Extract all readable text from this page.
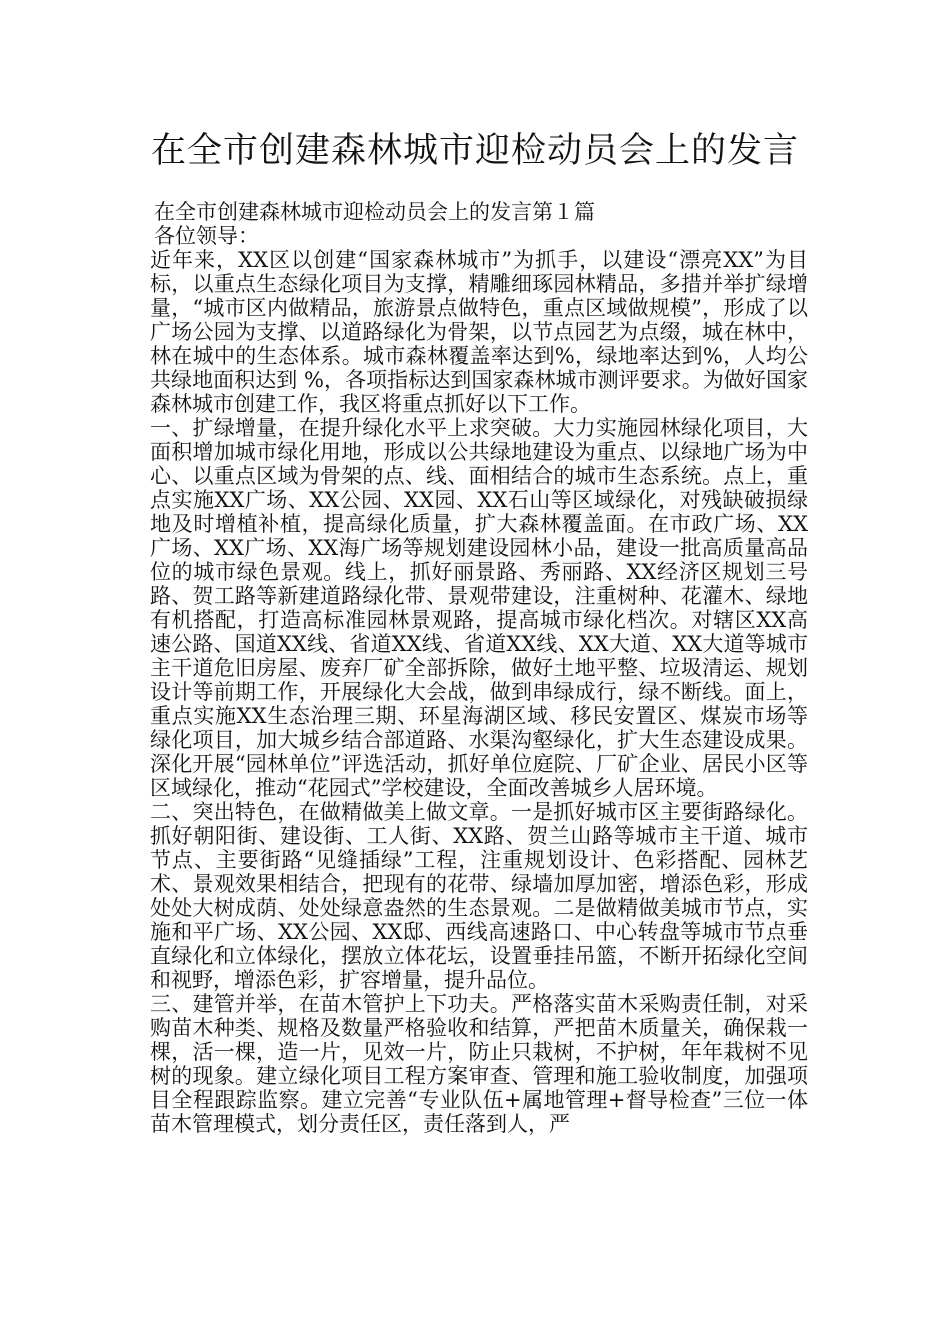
在全市创建森林城市迎检动员会上的发言

在全市创建森林城市迎检动员会上的发言第１篇

各位领导：

近年来，XX区以创建“国家森林城市”为抓手，以建设“漂亮XX”为目标，以重点生态绿化项目为支撑，精雕细琢园林精品，多措并举扩绿增量，“城市区内做精品，旅游景点做特色，重点区域做规模”，形成了以广场公园为支撑、以道路绿化为骨架，以节点园艺为点缀，城在林中，林在城中的生态体系。城市森林覆盖率达到%，绿地率达到%，人均公共绿地面积达到 %，各项指标达到国家森林城市测评要求。为做好国家森林城市创建工作，我区将重点抓好以下工作。

一、扩绿增量，在提升绿化水平上求突破。大力实施园林绿化项目，大面积增加城市绿化用地，形成以公共绿地建设为重点、以绿地广场为中心、以重点区域为骨架的点、线、面相结合的城市生态系统。点上，重点实施XX广场、XX公园、XX园、XX石山等区域绿化，对残缺破损绿地及时增植补植，提高绿化质量，扩大森林覆盖面。在市政广场、XX广场、XX广场、XX海广场等规划建设园林小品，建设一批高质量高品位的城市绿色景观。线上，抓好丽景路、秀丽路、XX经济区规划三号路、贺工路等新建道路绿化带、景观带建设，注重树种、花灌木、绿地有机搭配，打造高标准园林景观路，提高城市绿化档次。对辖区XX高速公路、国道XX线、省道XX线、省道XX线、XX大道、XX大道等城市主干道危旧房屋、废弃厂矿全部拆除，做好土地平整、垃圾清运、规划设计等前期工作，开展绿化大会战，做到串绿成行，绿不断线。面上，重点实施XX生态治理三期、环星海湖区域、移民安置区、煤炭市场等绿化项目，加大城乡结合部道路、水渠沟壑绿化，扩大生态建设成果。深化开展“园林单位”评选活动，抓好单位庭院、厂矿企业、居民小区等区域绿化，推动“花园式”学校建设，全面改善城乡人居环境。

二、突出特色，在做精做美上做文章。一是抓好城市区主要街路绿化。抓好朝阳街、建设街、工人街、XX路、贺兰山路等城市主干道、城市节点、主要街路“见缝插绿”工程，注重规划设计、色彩搭配、园林艺术、景观效果相结合，把现有的花带、绿墙加厚加密，增添色彩，形成处处大树成荫、处处绿意盎然的生态景观。二是做精做美城市节点，实施和平广场、XX公园、XX邸、西线高速路口、中心转盘等城市节点垂直绿化和立体绿化，摆放立体花坛，设置垂挂吊篮，不断开拓绿化空间和视野，增添色彩，扩容增量，提升品位。

三、建管并举，在苗木管护上下功夫。严格落实苗木采购责任制，对采购苗木种类、规格及数量严格验收和结算，严把苗木质量关，确保栽一棵，活一棵，造一片，见效一片，防止只栽树，不护树，年年栽树不见树的现象。建立绿化项目工程方案审查、管理和施工验收制度，加强项目全程跟踪监察。建立完善“专业队伍+属地管理+督导检查”三位一体苗木管理模式，划分责任区，责任落到人，严
